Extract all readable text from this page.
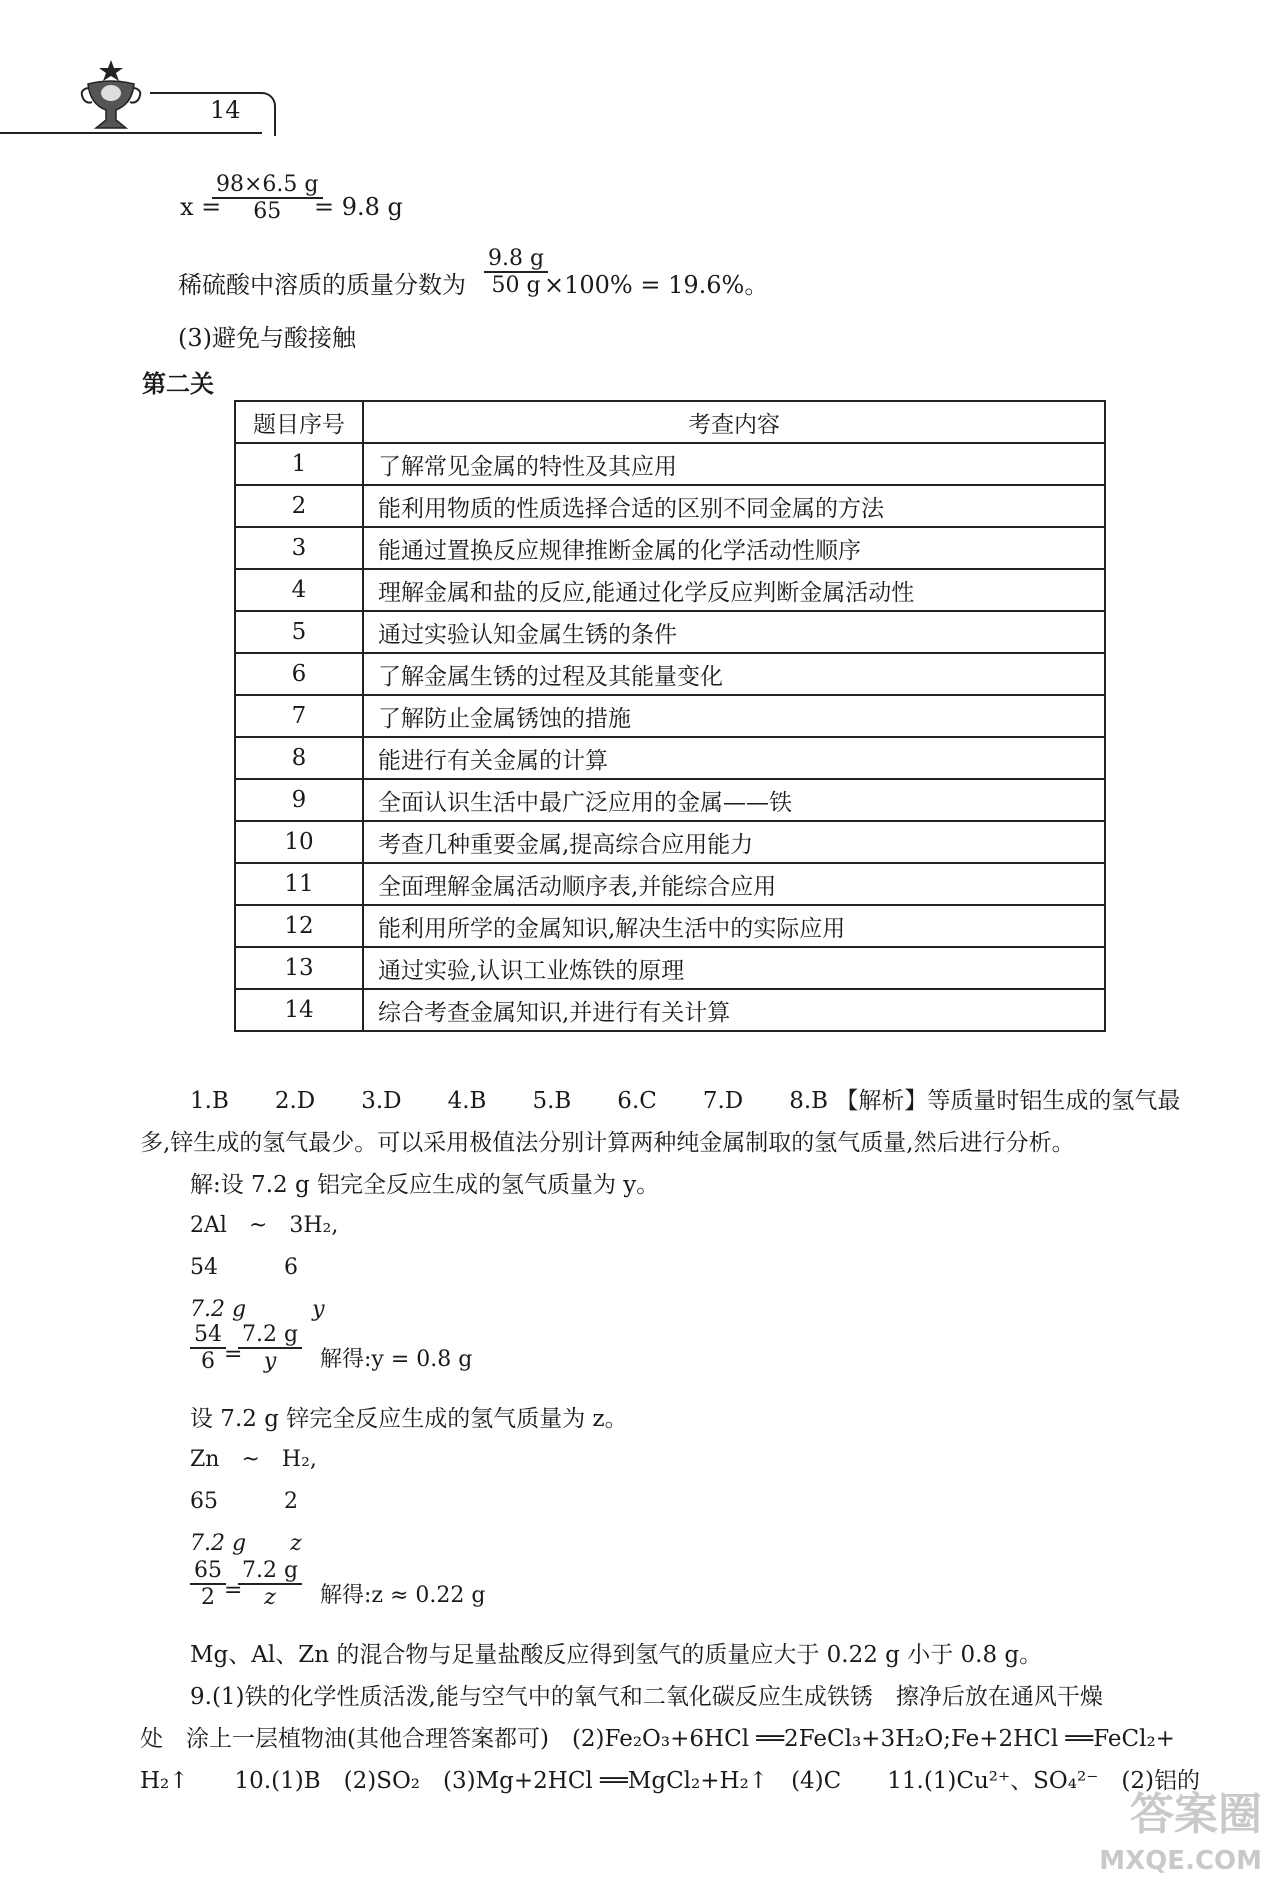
14
x =
98×6.5 g
65	= 9.8 g
稀硫酸中溶质的质量分数为
9.8 g
50 g ×100% = 19.6%。
(3)避免与酸接触
第二关
题目序号	考查内容
1	了解常见金属的特性及其应用
2	能利用物质的性质选择合适的区别不同金属的方法
3	能通过置换反应规律推断金属的化学活动性顺序
4	理解金属和盐的反应,能通过化学反应判断金属活动性
5	通过实验认知金属生锈的条件
6	了解金属生锈的过程及其能量变化
7	了解防止金属锈蚀的措施
8	能进行有关金属的计算
9	全面认识生活中最广泛应用的金属——铁
10	考查几种重要金属,提高综合应用能力
11	全面理解金属活动顺序表,并能综合应用
12	能利用所学的金属知识,解决生活中的实际应用
13	通过实验,认识工业炼铁的原理
14	综合考查金属知识,并进行有关计算
1.B　　2.D　　3.D　　4.B　　5.B　　6.C　　7.D　　8.B 【解析】等质量时铝生成的氢气最
多,锌生成的氢气最少。可以采用极值法分别计算两种纯金属制取的氢气质量,然后进行分析。
解:设 7.2 g 铝完全反应生成的氢气质量为 y。
2Al　~　3H₂,
54　　　6
7.2 g　　　y
54
6 =
7.2 g
y	解得:y = 0.8 g
设 7.2 g 锌完全反应生成的氢气质量为 z。
Zn　~　H₂,
65　　　2
7.2 g　　z
65
2 =
7.2 g
z	解得:z ≈ 0.22 g
Mg、Al、Zn 的混合物与足量盐酸反应得到氢气的质量应大于 0.22 g 小于 0.8 g。
9.(1)铁的化学性质活泼,能与空气中的氧气和二氧化碳反应生成铁锈　擦净后放在通风干燥
处　涂上一层植物油(其他合理答案都可)　(2)Fe₂O₃+6HCl ══2FeCl₃+3H₂O;Fe+2HCl ══FeCl₂+
H₂↑　　10.(1)B　(2)SO₂　(3)Mg+2HCl ══MgCl₂+H₂↑　(4)C　　11.(1)Cu²⁺、SO₄²⁻　(2)铝的
答案圈
MXQE.COM
